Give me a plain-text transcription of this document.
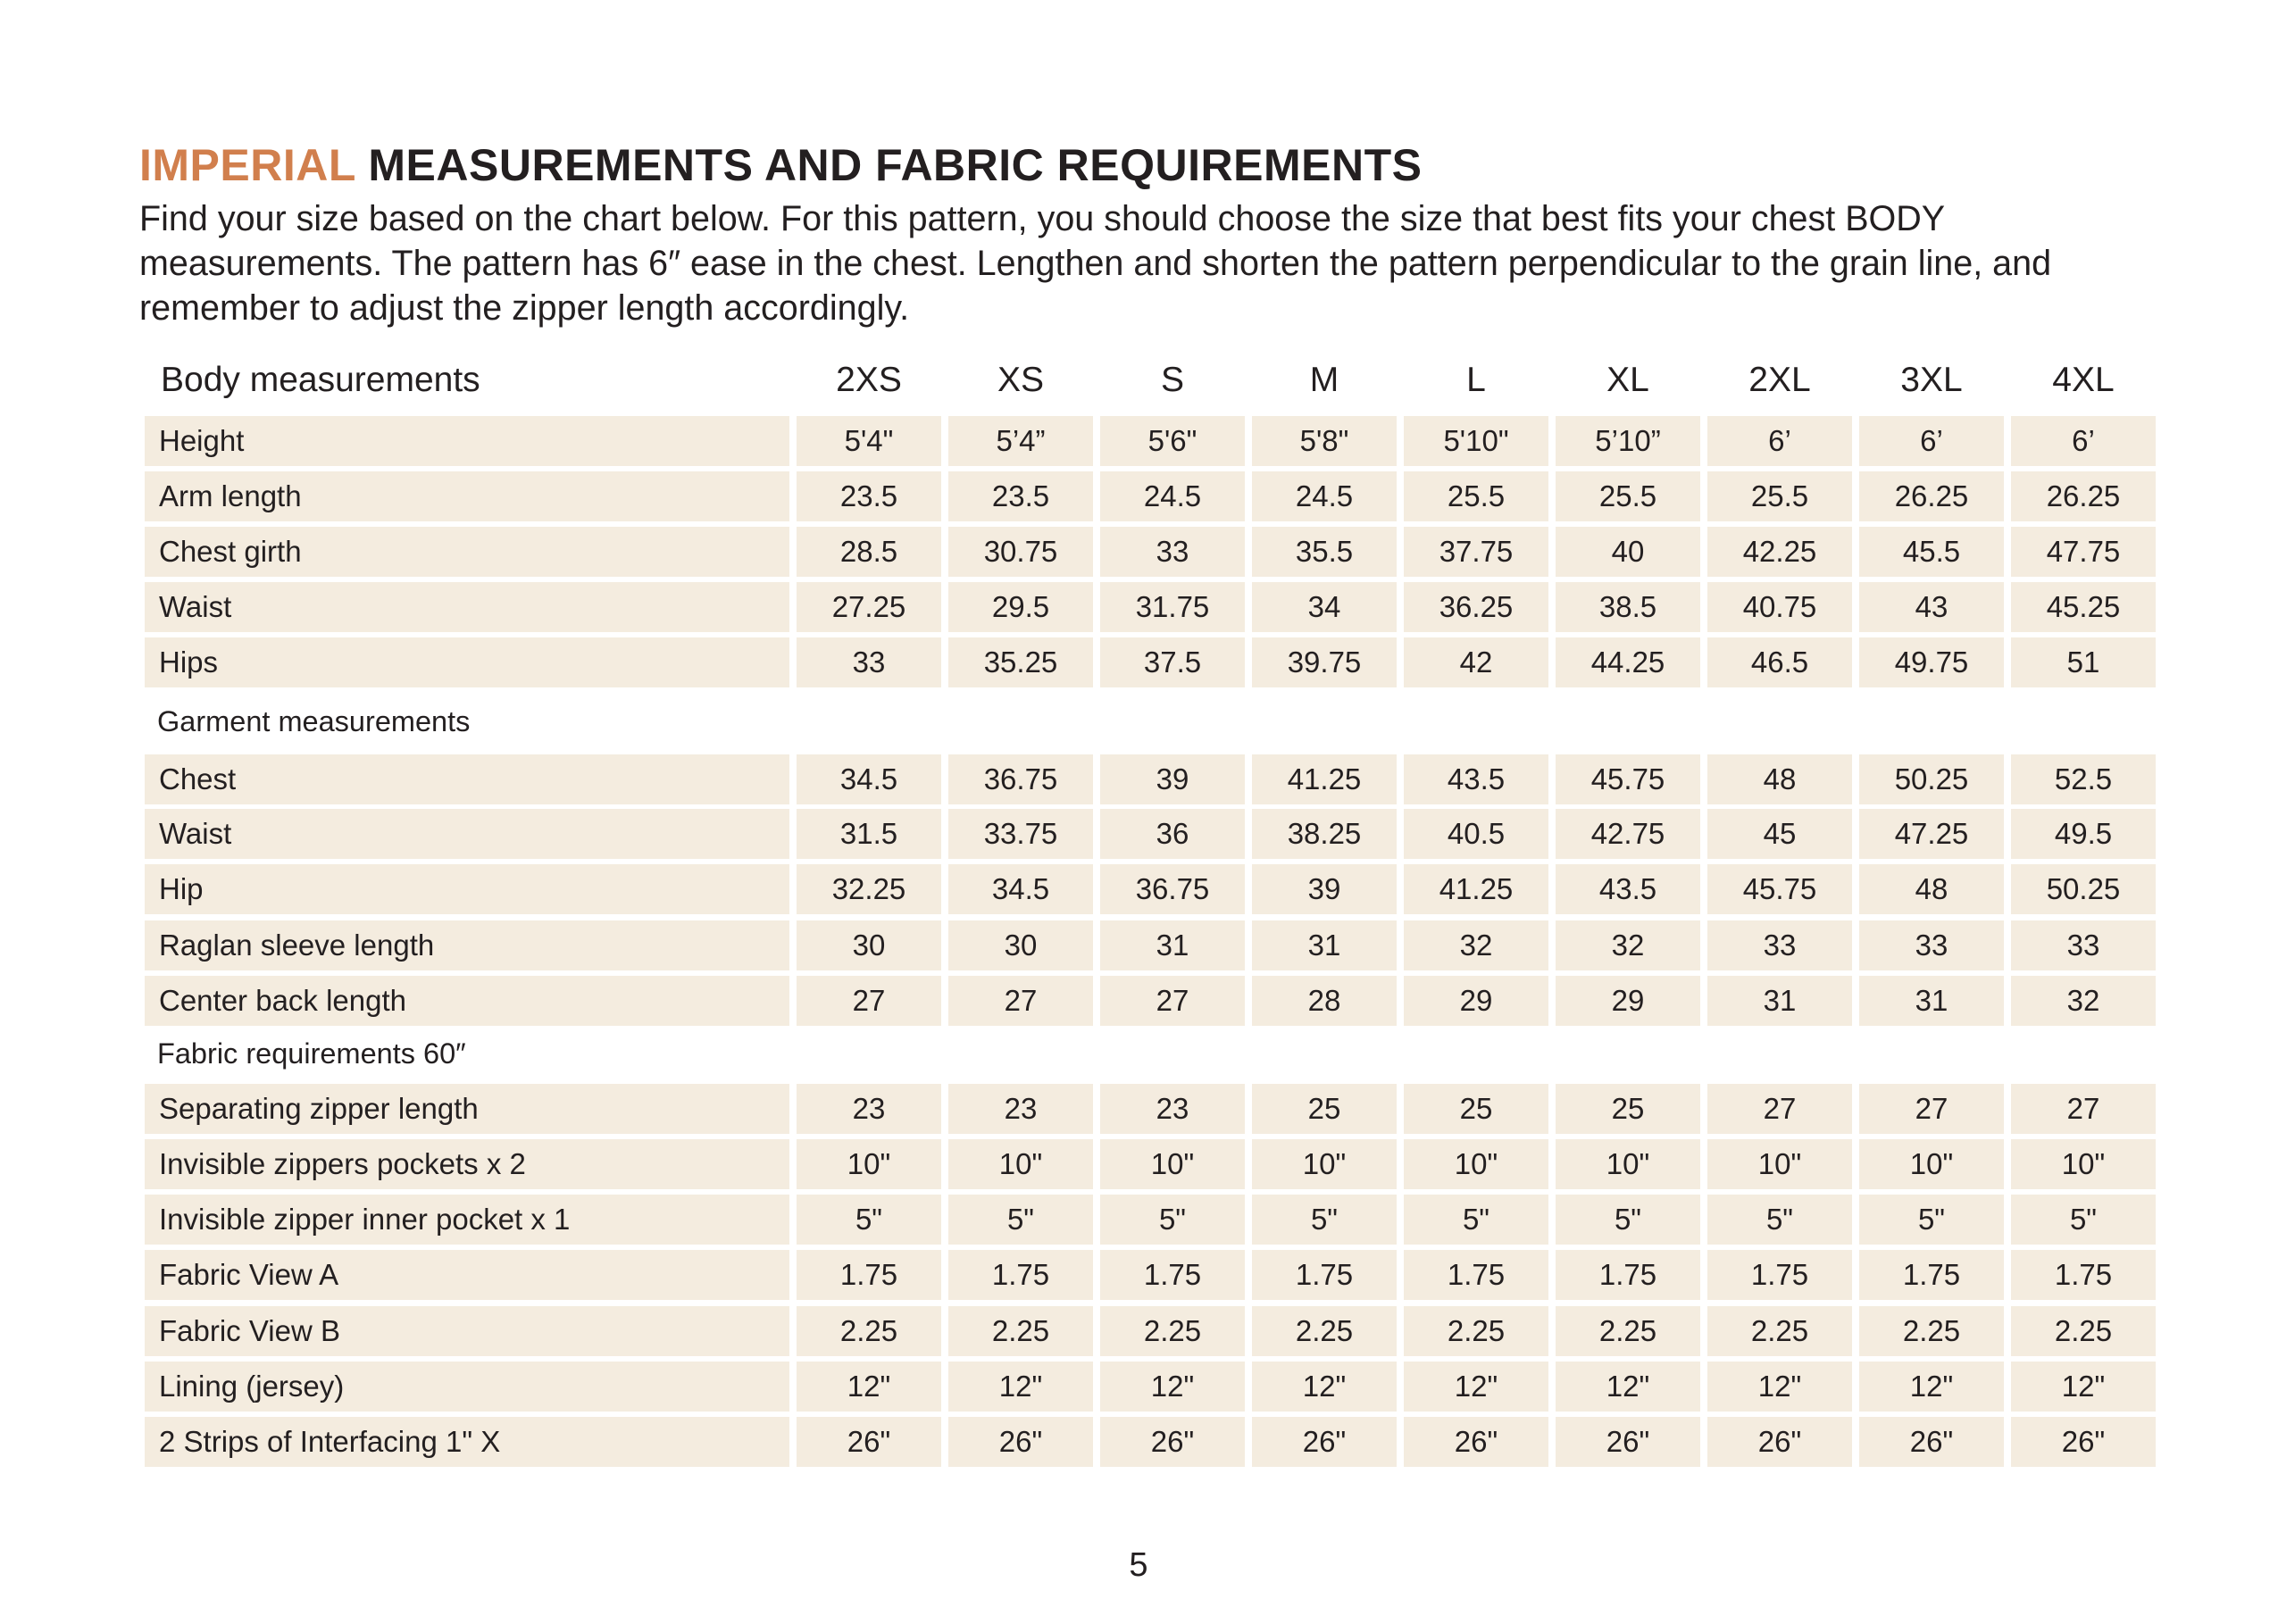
IMPERIAL MEASUREMENTS AND FABRIC REQUIREMENTS
Find your size based on the chart below. For this pattern, you should choose the size that best fits your chest BODY measurements. The pattern has 6″ ease in the chest. Lengthen and shorten the pattern perpendicular to the grain line, and remember to adjust the zipper length accordingly.
Body measurements	2XS	XS	S	M	L	XL	2XL	3XL	4XL
Height	5'4"	5’4”	5'6"	5'8"	5'10"	5’10”	6’	6’	6’
Arm length	23.5	23.5	24.5	24.5	25.5	25.5	25.5	26.25	26.25
Chest girth	28.5	30.75	33	35.5	37.75	40	42.25	45.5	47.75
Waist	27.25	29.5	31.75	34	36.25	38.5	40.75	43	45.25
Hips	33	35.25	37.5	39.75	42	44.25	46.5	49.75	51
Garment measurements
Chest	34.5	36.75	39	41.25	43.5	45.75	48	50.25	52.5
Waist	31.5	33.75	36	38.25	40.5	42.75	45	47.25	49.5
Hip	32.25	34.5	36.75	39	41.25	43.5	45.75	48	50.25
Raglan sleeve length	30	30	31	31	32	32	33	33	33
Center back length	27	27	27	28	29	29	31	31	32
Fabric requirements 60″
Separating zipper length	23	23	23	25	25	25	27	27	27
Invisible zippers pockets x 2	10"	10"	10"	10"	10"	10"	10"	10"	10"
Invisible zipper inner pocket x 1	5"	5"	5"	5"	5"	5"	5"	5"	5"
Fabric View A	1.75	1.75	1.75	1.75	1.75	1.75	1.75	1.75	1.75
Fabric View B	2.25	2.25	2.25	2.25	2.25	2.25	2.25	2.25	2.25
Lining (jersey)	12"	12"	12"	12"	12"	12"	12"	12"	12"
2 Strips of Interfacing 1" X	26"	26"	26"	26"	26"	26"	26"	26"	26"
5
